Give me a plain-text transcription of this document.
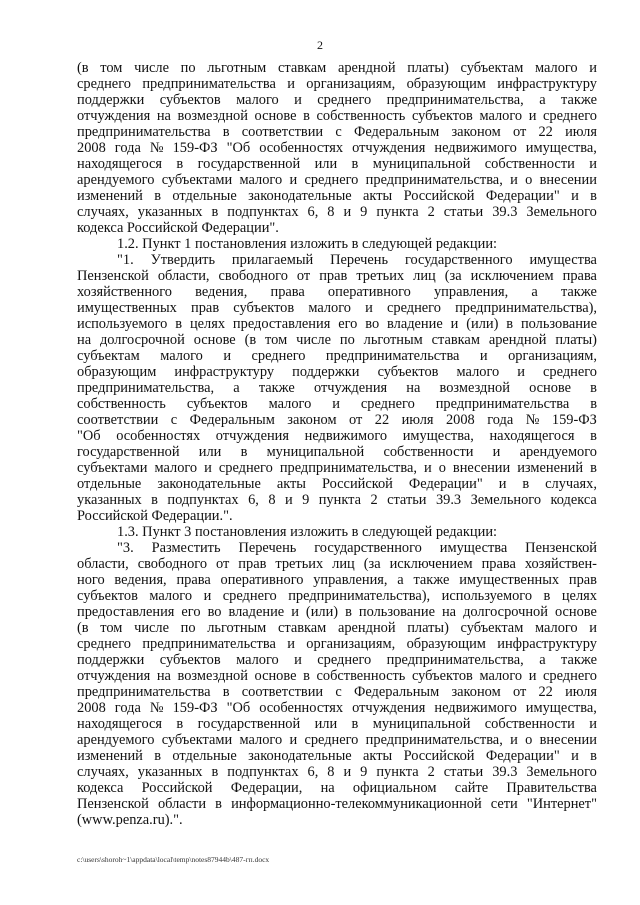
2
(в том числе по льготным ставкам арендной платы) субъектам малого и
среднего предпринимательства и организациям, образующим инфраструктуру
поддержки субъектов малого и среднего предпринимательства, а также
отчуждения на возмездной основе в собственность субъектов малого и среднего
предпринимательства в соответствии с Федеральным законом от 22 июля
2008 года № 159-ФЗ "Об особенностях отчуждения недвижимого имущества,
находящегося в государственной или в муниципальной собственности и
арендуемого субъектами малого и среднего предпринимательства, и о внесении
изменений в отдельные законодательные акты Российской Федерации" и в
случаях, указанных в подпунктах 6, 8 и 9 пункта 2 статьи 39.3 Земельного
кодекса Российской Федерации".
1.2. Пункт 1 постановления изложить в следующей редакции:
"1. Утвердить прилагаемый Перечень государственного имущества
Пензенской области, свободного от прав третьих лиц (за исключением права
хозяйственного ведения, права оперативного управления, а также
имущественных прав субъектов малого и среднего предпринимательства),
используемого в целях предоставления его во владение и (или) в пользование
на долгосрочной основе (в том числе по льготным ставкам арендной платы)
субъектам малого и среднего предпринимательства и организациям,
образующим инфраструктуру поддержки субъектов малого и среднего
предпринимательства, а также отчуждения на возмездной основе в
собственность субъектов малого и среднего предпринимательства в
соответствии с Федеральным законом от 22 июля 2008 года № 159-ФЗ
"Об особенностях отчуждения недвижимого имущества, находящегося в
государственной или в муниципальной собственности и арендуемого
субъектами малого и среднего предпринимательства, и о внесении изменений в
отдельные законодательные акты Российской Федерации" и в случаях,
указанных в подпунктах 6, 8 и 9 пункта 2 статьи 39.3 Земельного кодекса
Российской Федерации.".
1.3. Пункт 3 постановления изложить в следующей редакции:
"3. Разместить Перечень государственного имущества Пензенской
области, свободного от прав третьих лиц (за исключением права хозяйствен-
ного ведения, права оперативного управления, а также имущественных прав
субъектов малого и среднего предпринимательства), используемого в целях
предоставления его во владение и (или) в пользование на долгосрочной основе
(в том числе по льготным ставкам арендной платы) субъектам малого и
среднего предпринимательства и организациям, образующим инфраструктуру
поддержки субъектов малого и среднего предпринимательства, а также
отчуждения на возмездной основе в собственность субъектов малого и среднего
предпринимательства в соответствии с Федеральным законом от 22 июля
2008 года № 159-ФЗ "Об особенностях отчуждения недвижимого имущества,
находящегося в государственной или в муниципальной собственности и
арендуемого субъектами малого и среднего предпринимательства, и о внесении
изменений в отдельные законодательные акты Российской Федерации" и в
случаях, указанных в подпунктах 6, 8 и 9 пункта 2 статьи 39.3 Земельного
кодекса Российской Федерации, на официальном сайте Правительства
Пензенской области в информационно-телекоммуникационной сети "Интернет"
(www.penza.ru).".
c:\users\shoroh~1\appdata\local\temp\notes87944b\487-гп.docx
